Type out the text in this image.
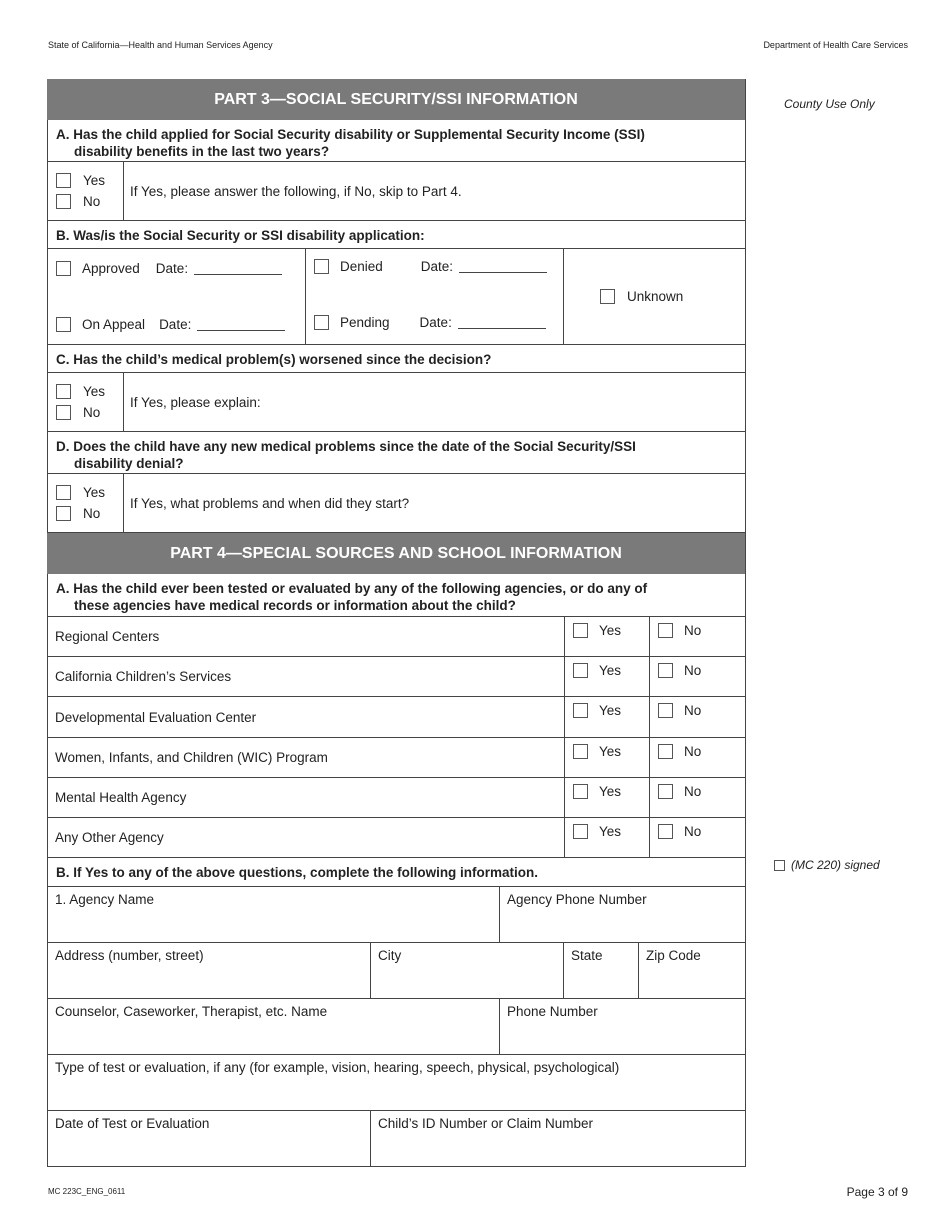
State of California—Health and Human Services Agency	Department of Health Care Services
County Use Only
(MC 220) signed
PART 3—SOCIAL SECURITY/SSI INFORMATION
A. Has the child applied for Social Security disability or Supplemental Security Income (SSI)
disability benefits in the last two years?
Yes
No
If Yes, please answer the following, if No, skip to Part 4.
B. Was/is the Social Security or SSI disability application:
Approved Date:
On Appeal Date:
Denied	Date:
Pending Date:
Unknown
C. Has the child’s medical problem(s) worsened since the decision?
Yes
No
If Yes, please explain:
D. Does the child have any new medical problems since the date of the Social Security/SSI
disability denial?
Yes
No
If Yes, what problems and when did they start?
PART 4—SPECIAL SOURCES AND SCHOOL INFORMATION
A. Has the child ever been tested or evaluated by any of the following agencies, or do any of
these agencies have medical records or information about the child?
Regional Centers	Yes	No
California Children’s Services	Yes	No
Developmental Evaluation Center	Yes	No
Women, Infants, and Children (WIC) Program	Yes	No
Mental Health Agency	Yes	No
Any Other Agency	Yes	No
B. If Yes to any of the above questions, complete the following information.
1. Agency Name	Agency Phone Number
Address (number, street)	City	State	Zip Code
Counselor, Caseworker, Therapist, etc. Name	Phone Number
Type of test or evaluation, if any (for example, vision, hearing, speech, physical, psychological)
Date of Test or Evaluation	Child’s ID Number or Claim Number
MC 223C_ENG_0611	Page 3 of 9
